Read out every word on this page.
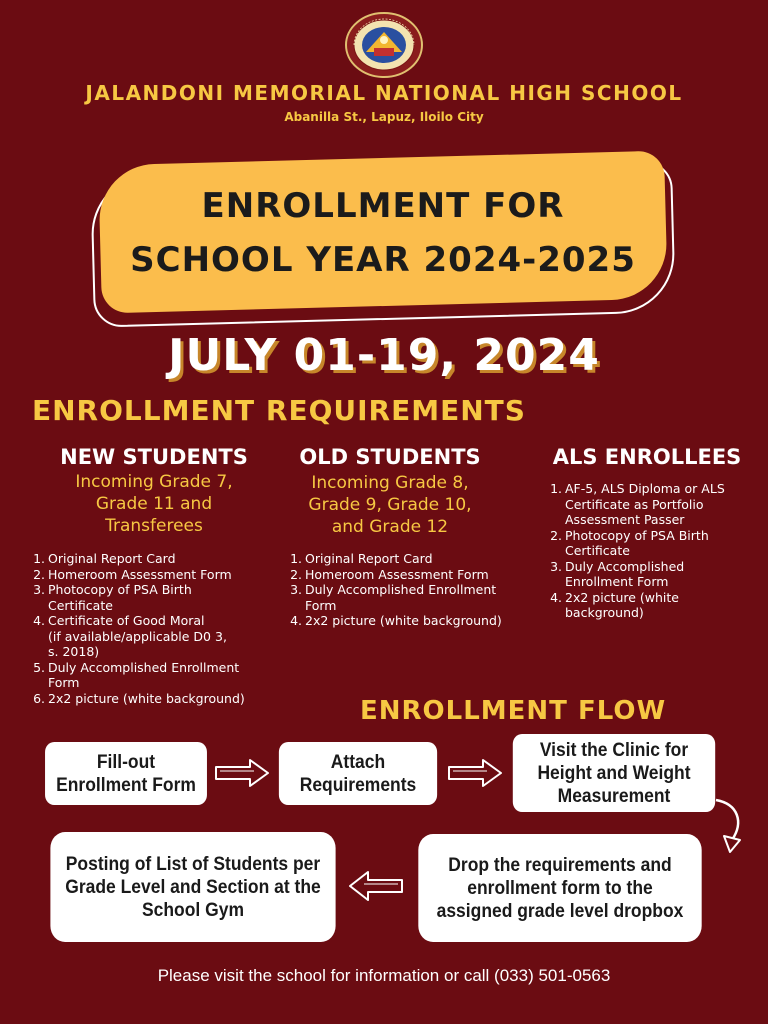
JALANDONI MEMORIAL NATIONAL HIGH SCHOOL
Abanilla St., Lapuz, Iloilo City
ENROLLMENT FOR
SCHOOL YEAR 2024-2025
JULY 01-19, 2024
ENROLLMENT REQUIREMENTS
NEW STUDENTS
Incoming Grade 7,
Grade 11 and
Transferees
1. Original Report Card
2. Homeroom Assessment Form
3. Photocopy of PSA Birth
Certificate
4. Certificate of Good Moral
(if available/applicable D0 3,
s. 2018)
5. Duly Accomplished Enrollment
Form
6. 2x2 picture (white background)
OLD STUDENTS
Incoming Grade 8,
Grade 9, Grade 10,
and Grade 12
1. Original Report Card
2. Homeroom Assessment Form
3. Duly Accomplished Enrollment
Form
4. 2x2 picture (white background)
ALS ENROLLEES
1. AF-5, ALS Diploma or ALS
Certificate as Portfolio
Assessment Passer
2. Photocopy of PSA Birth
Certificate
3. Duly Accomplished
Enrollment Form
4. 2x2 picture (white
background)
ENROLLMENT FLOW
Fill-out
Enrollment Form
Attach
Requirements
Visit the Clinic for
Height and Weight
Measurement
Drop the requirements and
enrollment form to the
assigned grade level dropbox
Posting of List of Students per
Grade Level and Section at the
School Gym
Please visit the school for information or call (033) 501-0563
